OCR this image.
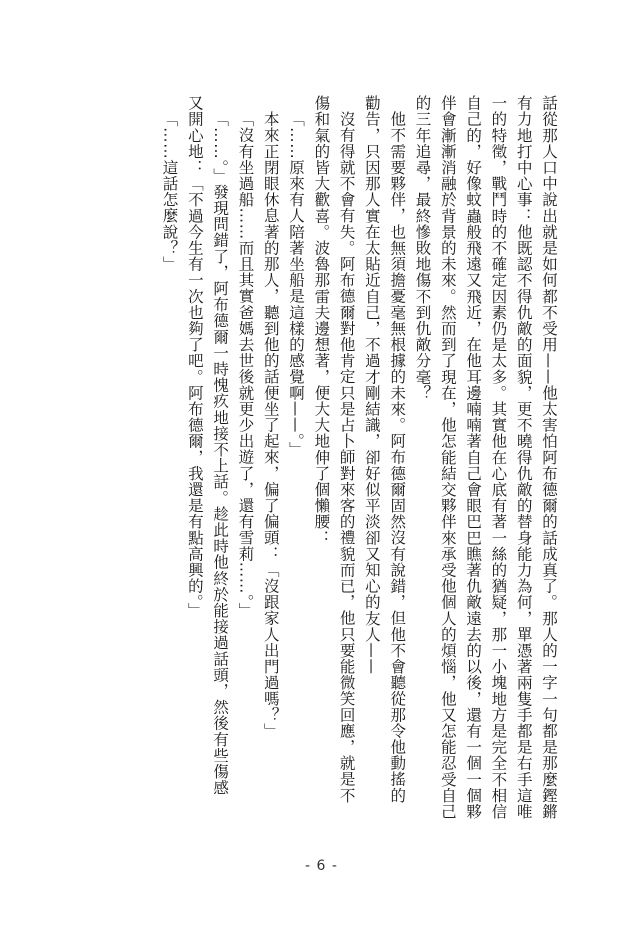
話從那人口中說出就是如何都不受用——他太害怕阿布德爾的話成真了。那人的一字一句都是那麼鏗鏘
有力地打中心事：他既認不得仇敵的面貌，更不曉得仇敵的替身能力為何，單憑著兩隻手都是右手這唯
一的特徵，戰鬥時的不確定因素仍是太多。其實他在心底有著一絲的猶疑，那一小塊地方是完全不相信
自己的，好像蚊蟲般飛遠又飛近，在他耳邊喃喃著自己會眼巴巴瞧著仇敵遠去的以後，還有一個一個夥
伴會漸漸消融於背景的未來。然而到了現在，他怎能結交夥伴來承受他個人的煩惱，他又怎能忍受自己
的三年追尋，最終慘敗地傷不到仇敵分毫？
他不需要夥伴，也無須擔憂毫無根據的未來。阿布德爾固然沒有說錯，但他不會聽從那令他動搖的
勸告，只因那人實在太貼近自己，不過才剛結識，卻好似平淡卻又知心的友人——
沒有得就不會有失。阿布德爾對他肯定只是占卜師對來客的禮貌而已，他只要能微笑回應，就是不
傷和氣的皆大歡喜。波魯那雷夫邊想著，便大大地伸了個懶腰：
「……原來有人陪著坐船是這樣的感覺啊——。」
本來正閉眼休息著的那人，聽到他的話便坐了起來，偏了偏頭：「沒跟家人出門過嗎？」
「沒有坐過船……而且其實爸媽去世後就更少出遊了，還有雪莉……。」
「……。」發現問錯了，阿布德爾一時愧疚地接不上話。趁此時他終於能接過話頭，然後有些傷感
又開心地：「不過今生有一次也夠了吧。阿布德爾，我還是有點高興的。」
「……這話怎麼說？」
- 6 -
